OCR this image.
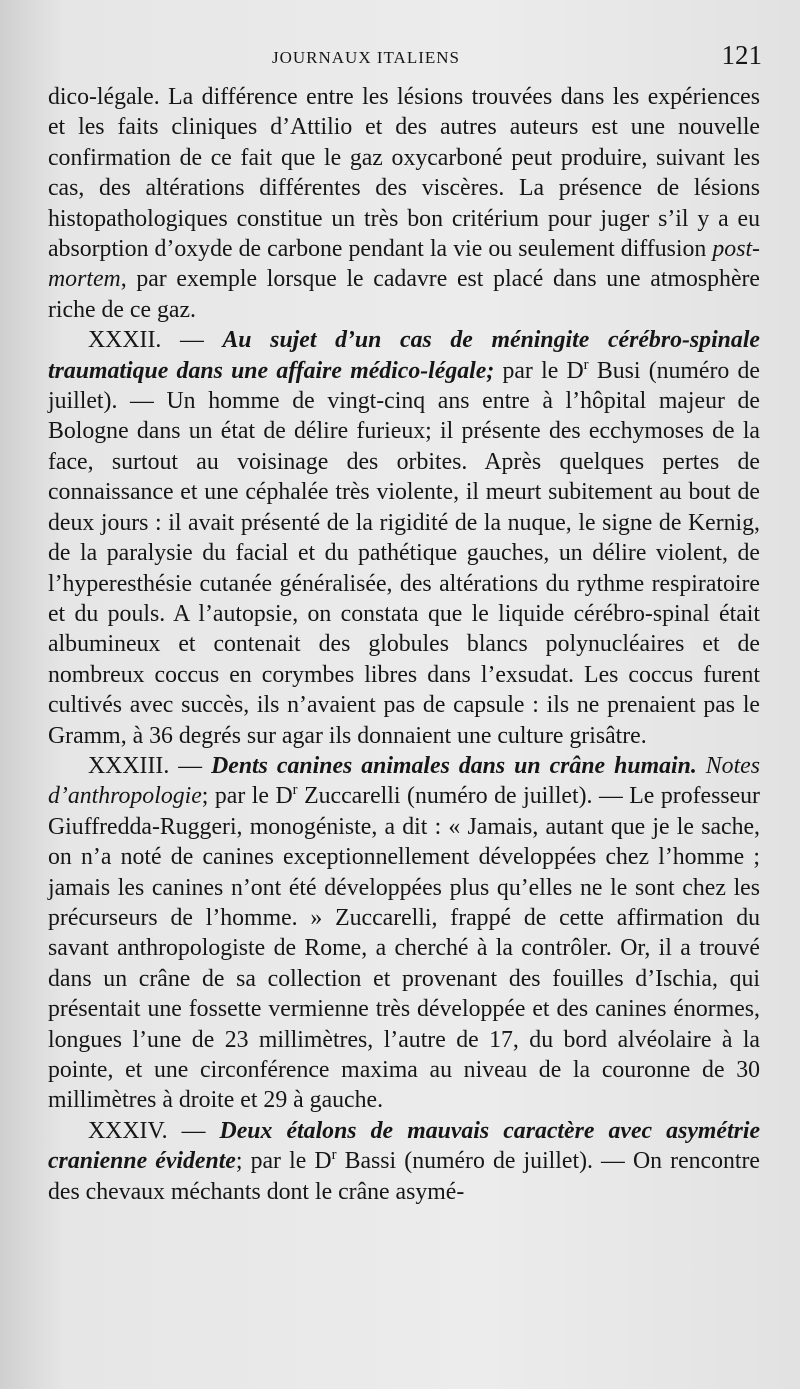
JOURNAUX ITALIENS	121

dico-légale. La différence entre les lésions trouvées dans les expériences et les faits cliniques d’Attilio et des autres auteurs est une nouvelle confirmation de ce fait que le gaz oxycarboné peut produire, suivant les cas, des altérations différentes des viscères. La présence de lésions histopathologiques constitue un très bon critérium pour juger s’il y a eu absorption d’oxyde de carbone pendant la vie ou seulement diffusion post-mortem, par exemple lorsque le cadavre est placé dans une atmosphère riche de ce gaz.

XXXII. — Au sujet d’un cas de méningite cérébro-spinale traumatique dans une affaire médico-légale; par le $D^r$ Busi (numéro de juillet). — Un homme de vingt-cinq ans entre à l’hôpital majeur de Bologne dans un état de délire furieux; il présente des ecchymoses de la face, surtout au voisinage des orbites. Après quelques pertes de connaissance et une céphalée très violente, il meurt subitement au bout de deux jours : il avait présenté de la rigidité de la nuque, le signe de Kernig, de la paralysie du facial et du pathétique gauches, un délire violent, de l’hyperesthésie cutanée généralisée, des altérations du rythme respiratoire et du pouls. A l’autopsie, on constata que le liquide cérébro-spinal était albumineux et contenait des globules blancs polynucléaires et de nombreux coccus en corymbes libres dans l’exsudat. Les coccus furent cultivés avec succès, ils n’avaient pas de capsule : ils ne prenaient pas le Gramm, à 36 degrés sur agar ils donnaient une culture grisâtre.

XXXIII. — Dents canines animales dans un crâne humain. Notes d’anthropologie; par le $D^r$ Zuccarelli (numéro de juillet). — Le professeur Giuffredda-Ruggeri, monogéniste, a dit : « Jamais, autant que je le sache, on n’a noté de canines exceptionnellement développées chez l’homme ; jamais les canines n’ont été développées plus qu’elles ne le sont chez les précurseurs de l’homme. » Zuccarelli, frappé de cette affirmation du savant anthropologiste de Rome, a cherché à la contrôler. Or, il a trouvé dans un crâne de sa collection et provenant des fouilles d’Ischia, qui présentait une fossette vermienne très développée et des canines énormes, longues l’une de 23 millimètres, l’autre de 17, du bord alvéolaire à la pointe, et une circonférence maxima au niveau de la couronne de 30 millimètres à droite et 29 à gauche.

XXXIV. — Deux étalons de mauvais caractère avec asymétrie cranienne évidente; par le $D^r$ Bassi (numéro de juillet). — On rencontre des chevaux méchants dont le crâne asymé-
